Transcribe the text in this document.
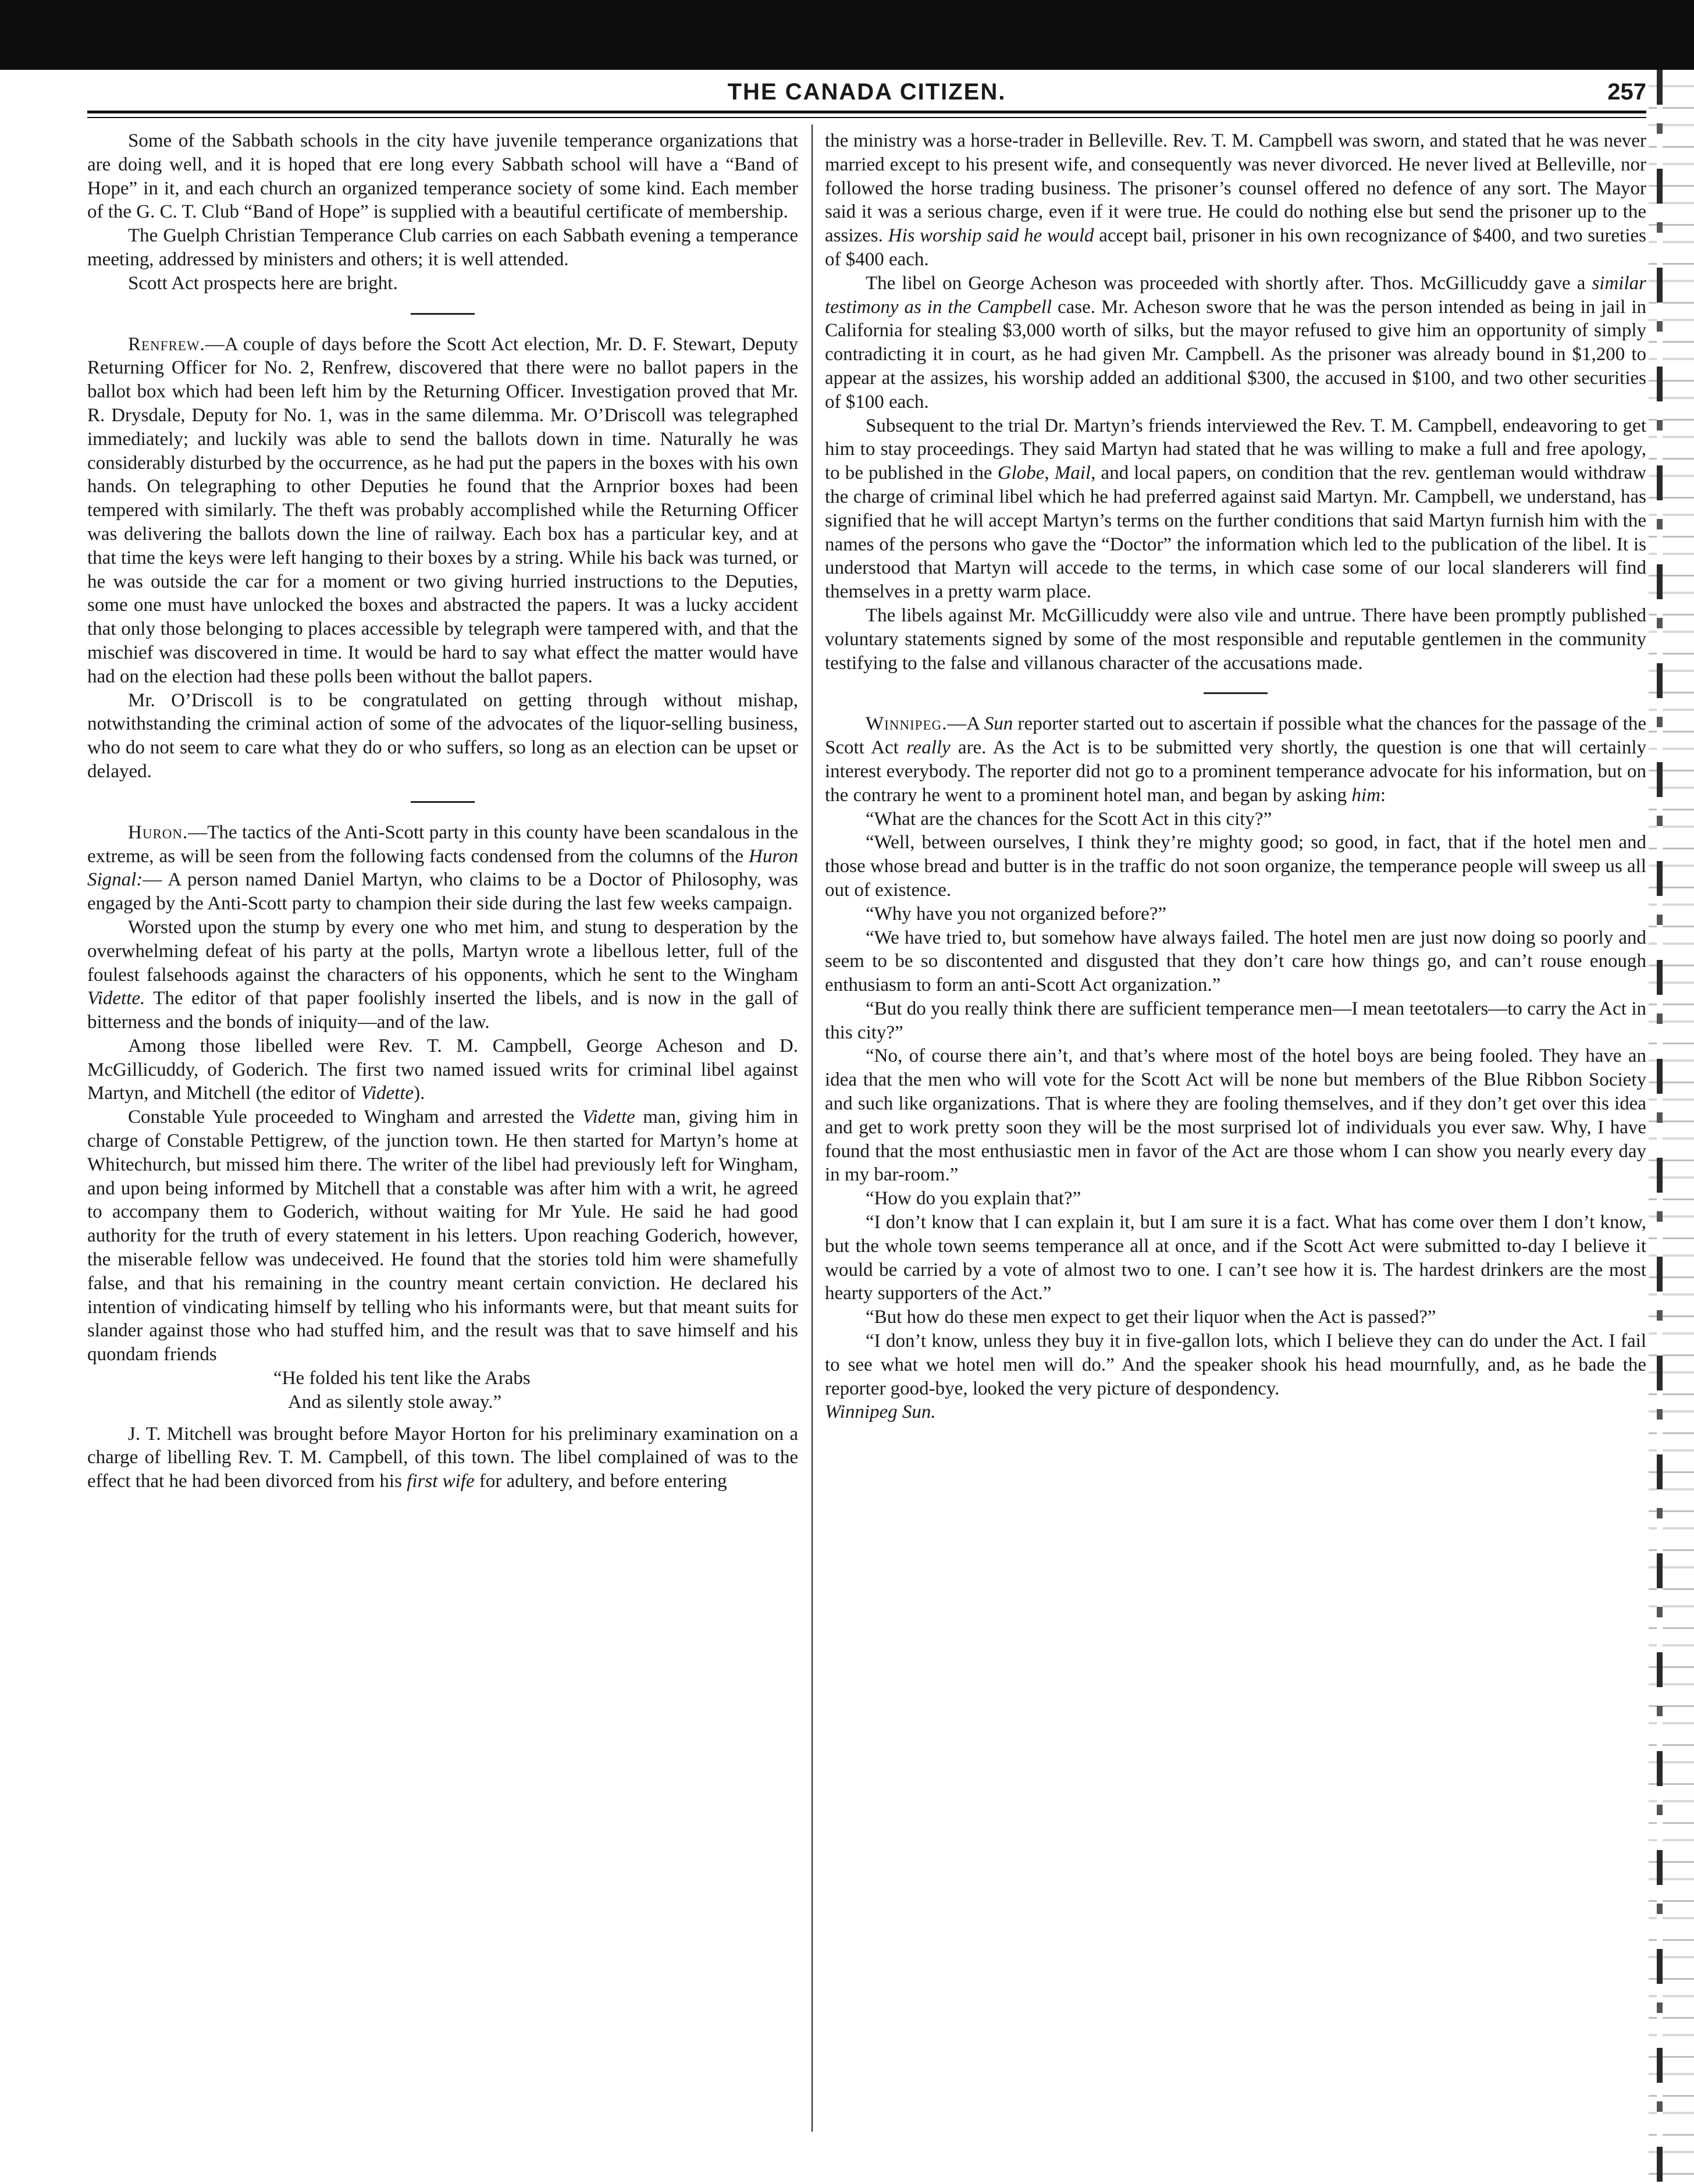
THE CANADA CITIZEN.	257

Some of the Sabbath schools in the city have juvenile temperance organizations that are doing well, and it is hoped that ere long every Sabbath school will have a “Band of Hope” in it, and each church an organized temperance society of some kind. Each member of the G. C. T. Club “Band of Hope” is supplied with a beautiful certificate of membership.

The Guelph Christian Temperance Club carries on each Sabbath evening a temperance meeting, addressed by ministers and others; it is well attended.

Scott Act prospects here are bright.

Renfrew.—A couple of days before the Scott Act election, Mr. D. F. Stewart, Deputy Returning Officer for No. 2, Renfrew, discovered that there were no ballot papers in the ballot box which had been left him by the Returning Officer. Investigation proved that Mr. R. Drysdale, Deputy for No. 1, was in the same dilemma. Mr. O’Driscoll was telegraphed immediately; and luckily was able to send the ballots down in time. Naturally he was considerably disturbed by the occurrence, as he had put the papers in the boxes with his own hands. On telegraphing to other Deputies he found that the Arnprior boxes had been tempered with similarly. The theft was probably accomplished while the Returning Officer was delivering the ballots down the line of railway. Each box has a particular key, and at that time the keys were left hanging to their boxes by a string. While his back was turned, or he was outside the car for a moment or two giving hurried instructions to the Deputies, some one must have unlocked the boxes and abstracted the papers. It was a lucky accident that only those belonging to places accessible by telegraph were tampered with, and that the mischief was discovered in time. It would be hard to say what effect the matter would have had on the election had these polls been without the ballot papers.

Mr. O’Driscoll is to be congratulated on getting through without mishap, notwithstanding the criminal action of some of the advocates of the liquor-selling business, who do not seem to care what they do or who suffers, so long as an election can be upset or delayed.

Huron.—The tactics of the Anti-Scott party in this county have been scandalous in the extreme, as will be seen from the following facts condensed from the columns of the Huron Signal:— A person named Daniel Martyn, who claims to be a Doctor of Philosophy, was engaged by the Anti-Scott party to champion their side during the last few weeks campaign.

Worsted upon the stump by every one who met him, and stung to desperation by the overwhelming defeat of his party at the polls, Martyn wrote a libellous letter, full of the foulest falsehoods against the characters of his opponents, which he sent to the Wingham Vidette. The editor of that paper foolishly inserted the libels, and is now in the gall of bitterness and the bonds of iniquity—and of the law.

Among those libelled were Rev. T. M. Campbell, George Acheson and D. McGillicuddy, of Goderich. The first two named issued writs for criminal libel against Martyn, and Mitchell (the editor of Vidette).

Constable Yule proceeded to Wingham and arrested the Vidette man, giving him in charge of Constable Pettigrew, of the junction town. He then started for Martyn’s home at Whitechurch, but missed him there. The writer of the libel had previously left for Wingham, and upon being informed by Mitchell that a constable was after him with a writ, he agreed to accompany them to Goderich, without waiting for Mr Yule. He said he had good authority for the truth of every statement in his letters. Upon reaching Goderich, however, the miserable fellow was undeceived. He found that the stories told him were shamefully false, and that his remaining in the country meant certain conviction. He declared his intention of vindicating himself by telling who his informants were, but that meant suits for slander against those who had stuffed him, and the result was that to save himself and his quondam friends

“He folded his tent like the Arabs

And as silently stole away.”

J. T. Mitchell was brought before Mayor Horton for his preliminary examination on a charge of libelling Rev. T. M. Campbell, of this town. The libel complained of was to the effect that he had been divorced from his first wife for adultery, and before entering

the ministry was a horse-trader in Belleville. Rev. T. M. Campbell was sworn, and stated that he was never married except to his present wife, and consequently was never divorced. He never lived at Belleville, nor followed the horse trading business. The prisoner’s counsel offered no defence of any sort. The Mayor said it was a serious charge, even if it were true. He could do nothing else but send the prisoner up to the assizes. His worship said he would accept bail, prisoner in his own recognizance of $400, and two sureties of $400 each.

The libel on George Acheson was proceeded with shortly after. Thos. McGillicuddy gave a similar testimony as in the Campbell case. Mr. Acheson swore that he was the person intended as being in jail in California for stealing $3,000 worth of silks, but the mayor refused to give him an opportunity of simply contradicting it in court, as he had given Mr. Campbell. As the prisoner was already bound in $1,200 to appear at the assizes, his worship added an additional $300, the accused in $100, and two other securities of $100 each.

Subsequent to the trial Dr. Martyn’s friends interviewed the Rev. T. M. Campbell, endeavoring to get him to stay proceedings. They said Martyn had stated that he was willing to make a full and free apology, to be published in the Globe, Mail, and local papers, on condition that the rev. gentleman would withdraw the charge of criminal libel which he had preferred against said Martyn. Mr. Campbell, we understand, has signified that he will accept Martyn’s terms on the further conditions that said Martyn furnish him with the names of the persons who gave the “Doctor” the information which led to the publication of the libel. It is understood that Martyn will accede to the terms, in which case some of our local slanderers will find themselves in a pretty warm place.

The libels against Mr. McGillicuddy were also vile and untrue. There have been promptly published voluntary statements signed by some of the most responsible and reputable gentlemen in the community testifying to the false and villanous character of the accusations made.

Winnipeg.—A Sun reporter started out to ascertain if possible what the chances for the passage of the Scott Act really are. As the Act is to be submitted very shortly, the question is one that will certainly interest everybody. The reporter did not go to a prominent temperance advocate for his information, but on the contrary he went to a prominent hotel man, and began by asking him:

“What are the chances for the Scott Act in this city?”

“Well, between ourselves, I think they’re mighty good; so good, in fact, that if the hotel men and those whose bread and butter is in the traffic do not soon organize, the temperance people will sweep us all out of existence.

“Why have you not organized before?”

“We have tried to, but somehow have always failed. The hotel men are just now doing so poorly and seem to be so discontented and disgusted that they don’t care how things go, and can’t rouse enough enthusiasm to form an anti-Scott Act organization.”

“But do you really think there are sufficient temperance men—I mean teetotalers—to carry the Act in this city?”

“No, of course there ain’t, and that’s where most of the hotel boys are being fooled. They have an idea that the men who will vote for the Scott Act will be none but members of the Blue Ribbon Society and such like organizations. That is where they are fooling themselves, and if they don’t get over this idea and get to work pretty soon they will be the most surprised lot of individuals you ever saw. Why, I have found that the most enthusiastic men in favor of the Act are those whom I can show you nearly every day in my bar-room.”

“How do you explain that?”

“I don’t know that I can explain it, but I am sure it is a fact. What has come over them I don’t know, but the whole town seems temperance all at once, and if the Scott Act were submitted to-day I believe it would be carried by a vote of almost two to one. I can’t see how it is. The hardest drinkers are the most hearty supporters of the Act.”

“But how do these men expect to get their liquor when the Act is passed?”

“I don’t know, unless they buy it in five-gallon lots, which I believe they can do under the Act. I fail to see what we hotel men will do.” And the speaker shook his head mournfully, and, as he bade the reporter good-bye, looked the very picture of despondency.

Winnipeg Sun.
